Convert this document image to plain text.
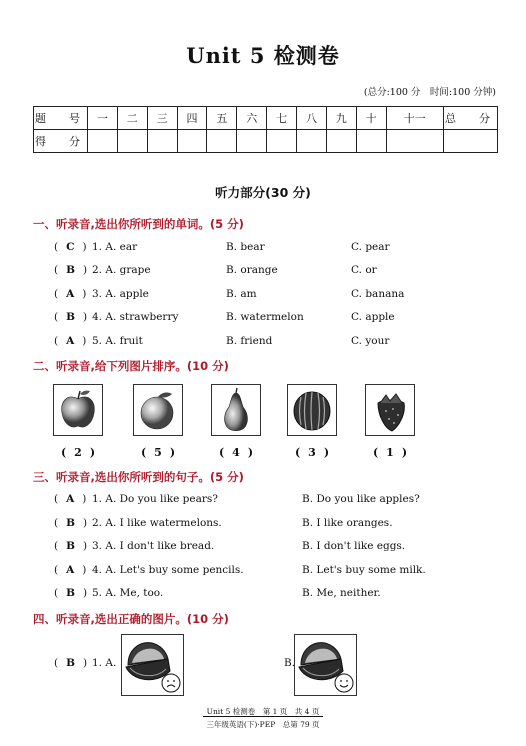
Unit 5 检测卷
(总分:100 分　时间:100 分钟)
题　号	一	二	三	四	五	六	七	八	九	十	十一	总　分
得　分												
听力部分(30 分)
一、听录音,选出你所听到的单词。(5 分)
( C ) 1. A. ear	B. bear	C. pear
( B ) 2. A. grape	B. orange	C. or
( A ) 3. A. apple	B. am	C. banana
( B ) 4. A. strawberry	B. watermelon	C. apple
( A ) 5. A. fruit	B. friend	C. your
二、听录音,给下列图片排序。(10 分)
( 2 )	( 5 )	( 4 )	( 3 )	( 1 )
三、听录音,选出你所听到的句子。(5 分)
( A ) 1. A. Do you like pears?	B. Do you like apples?
( B ) 2. A. I like watermelons.	B. I like oranges.
( B ) 3. A. I don't like bread.	B. I don't like eggs.
( A ) 4. A. Let's buy some pencils.	B. Let's buy some milk.
( B ) 5. A. Me, too.	B. Me, neither.
四、听录音,选出正确的图片。(10 分)
( B ) 1. A.	B.
Unit 5 检测卷　第 1 页　共 4 页
三年级英语(下)·PEP　总第 79 页
